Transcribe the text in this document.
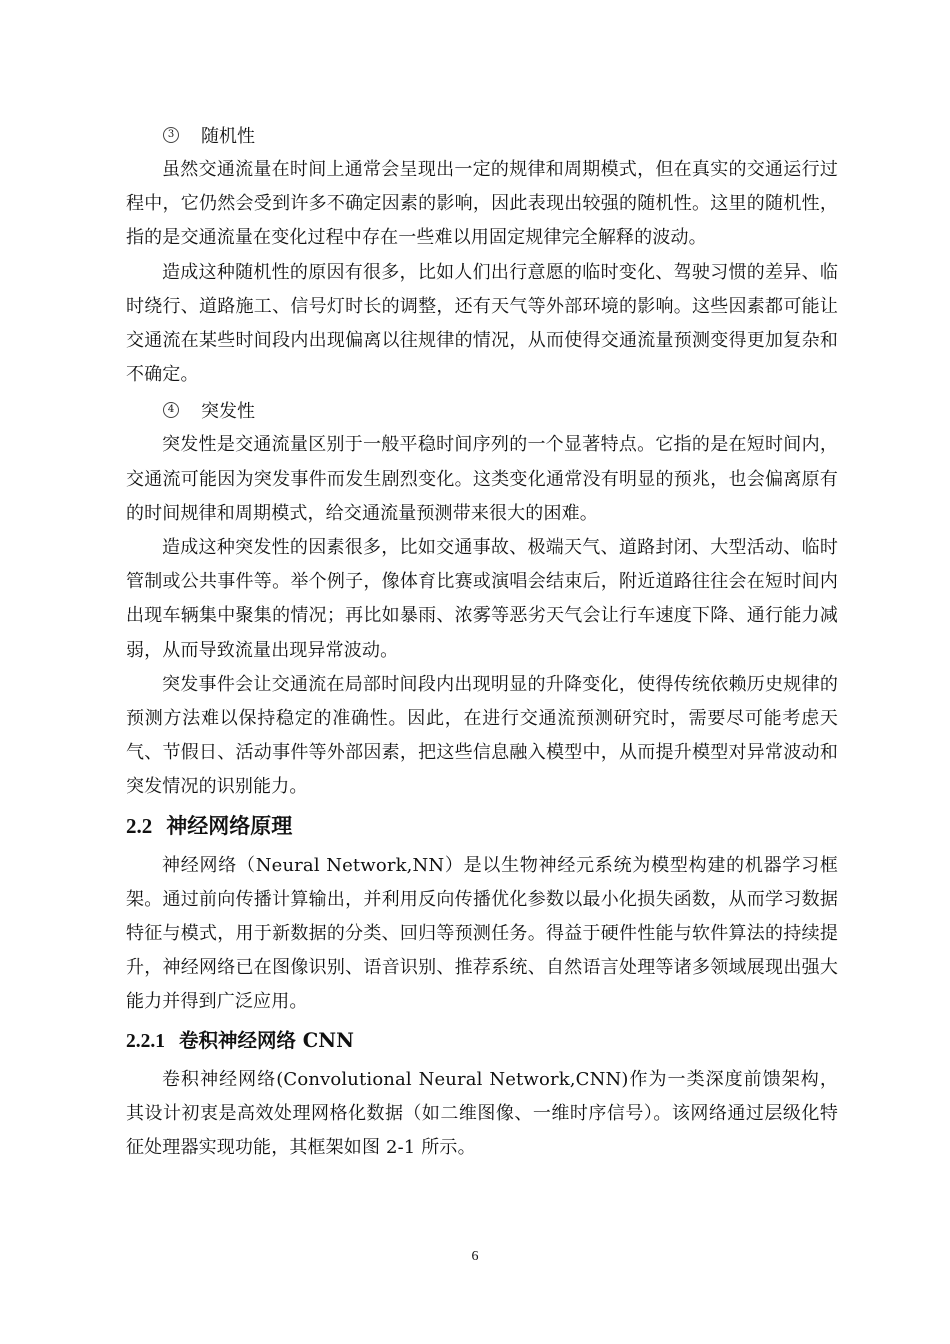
3 随机性

虽然交通流量在时间上通常会呈现出一定的规律和周期模式，但在真实的交通运行过程中，它仍然会受到许多不确定因素的影响，因此表现出较强的随机性。这里的随机性，指的是交通流量在变化过程中存在一些难以用固定规律完全解释的波动。

造成这种随机性的原因有很多，比如人们出行意愿的临时变化、驾驶习惯的差异、临时绕行、道路施工、信号灯时长的调整，还有天气等外部环境的影响。这些因素都可能让交通流在某些时间段内出现偏离以往规律的情况，从而使得交通流量预测变得更加复杂和不确定。

4 突发性

突发性是交通流量区别于一般平稳时间序列的一个显著特点。它指的是在短时间内，交通流可能因为突发事件而发生剧烈变化。这类变化通常没有明显的预兆，也会偏离原有的时间规律和周期模式，给交通流量预测带来很大的困难。

造成这种突发性的因素很多，比如交通事故、极端天气、道路封闭、大型活动、临时管制或公共事件等。举个例子，像体育比赛或演唱会结束后，附近道路往往会在短时间内出现车辆集中聚集的情况；再比如暴雨、浓雾等恶劣天气会让行车速度下降、通行能力减弱，从而导致流量出现异常波动。

突发事件会让交通流在局部时间段内出现明显的升降变化，使得传统依赖历史规律的预测方法难以保持稳定的准确性。因此，在进行交通流预测研究时，需要尽可能考虑天气、节假日、活动事件等外部因素，把这些信息融入模型中，从而提升模型对异常波动和突发情况的识别能力。

2.2 神经网络原理

神经网络（Neural Network,NN）是以生物神经元系统为模型构建的机器学习框架。通过前向传播计算输出，并利用反向传播优化参数以最小化损失函数，从而学习数据特征与模式，用于新数据的分类、回归等预测任务。得益于硬件性能与软件算法的持续提升，神经网络已在图像识别、语音识别、推荐系统、自然语言处理等诸多领域展现出强大能力并得到广泛应用。

2.2.1 卷积神经网络 CNN

卷积神经网络(Convolutional Neural Network,CNN)作为一类深度前馈架构，其设计初衷是高效处理网格化数据（如二维图像、一维时序信号）。该网络通过层级化特征处理器实现功能，其框架如图 2-1 所示。

6
